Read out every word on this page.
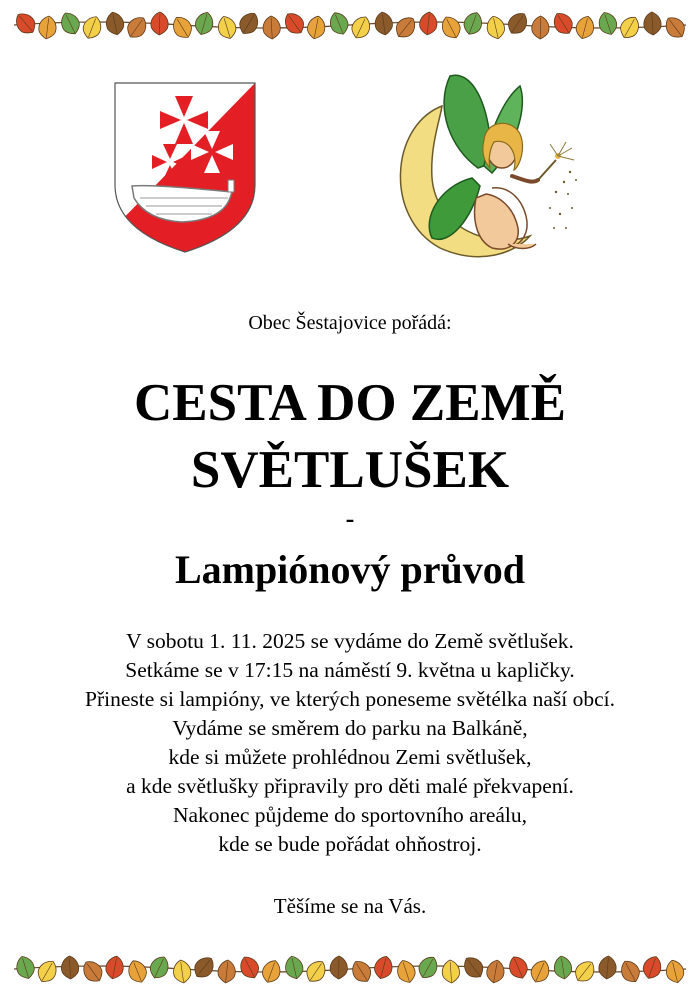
Obec Šestajovice pořádá:
CESTA DO ZEMĚ
SVĚTLUŠEK
-
Lampiónový průvod
V sobotu 1. 11. 2025 se vydáme do Země světlušek.
Setkáme se v 17:15 na náměstí 9. května u kapličky.
Přineste si lampióny, ve kterých poneseme světélka naší obcí.
Vydáme se směrem do parku na Balkáně,
kde si můžete prohlédnou Zemi světlušek,
a kde světlušky připravily pro děti malé překvapení.
Nakonec půjdeme do sportovního areálu,
kde se bude pořádat ohňostroj.
Těšíme se na Vás.
